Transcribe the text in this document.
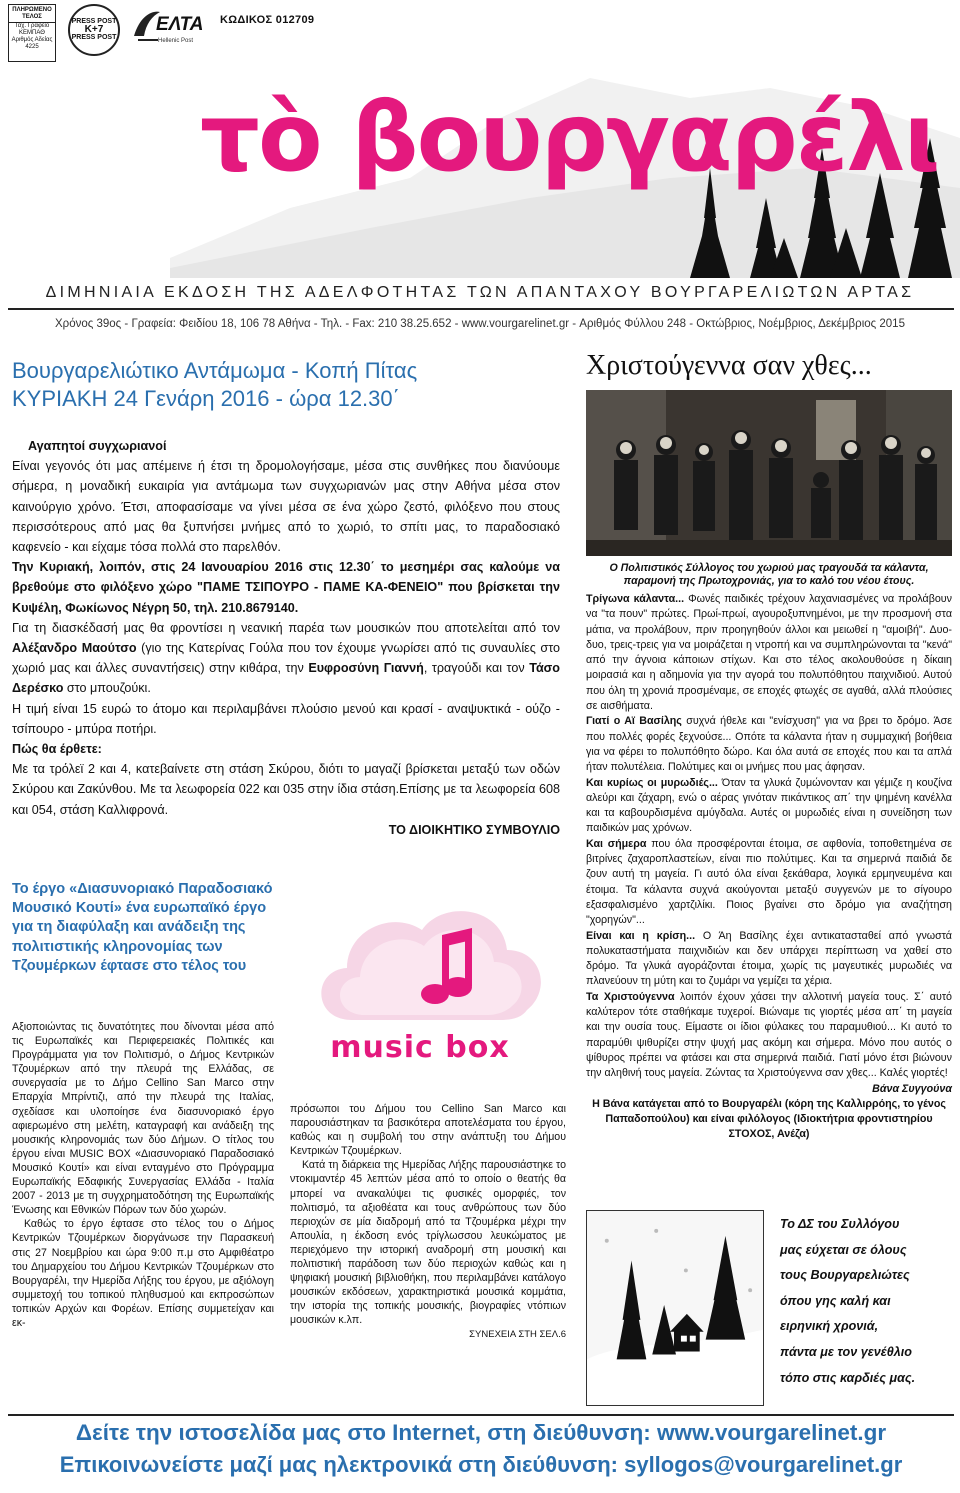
ΠΛΗΡΩΜΕΝΟ ΤΕΛΟΣ
Ταχ. Γραφείο
ΚΕΜΠΑΘ
Αριθμός Αδείας
4225
PRESS POST
Κ+7
PRESS POST
ΕΛΤΑ
Hellenic Post
ΚΩΔΙΚΟΣ 012709
τὸ βουργαρέλι
ΔΙΜΗΝΙΑΙΑ ΕΚΔΟΣΗ ΤΗΣ ΑΔΕΛΦΟΤΗΤΑΣ ΤΩΝ ΑΠΑΝΤΑΧΟΥ ΒΟΥΡΓΑΡΕΛΙΩΤΩΝ ΑΡΤΑΣ
Χρόνος 39ος - Γραφεία: Φειδίου 18, 106 78 Αθήνα - Τηλ. - Fax: 210 38.25.652 - www.vourgarelinet.gr - Αριθμός Φύλλου 248 - Οκτώβριος, Νοέμβριος, Δεκέμβριος 2015
Βουργαρελιώτικο Αντάμωμα - Κοπή Πίτας
ΚΥΡΙΑΚΗ 24 Γενάρη 2016 - ώρα 12.30΄

Αγαπητοί συγχωριανοί

Είναι γεγονός ότι μας απέμεινε ή έτσι τη δρομολογήσαμε, μέσα στις συνθήκες που διανύουμε σήμερα, η μοναδική ευκαιρία για αντάμωμα των συγχωριανών μας στην Αθήνα μέσα στον καινούργιο χρόνο. Έτσι, αποφασίσαμε να γίνει μέσα σε ένα χώρο ζεστό, φιλόξενο που στους περισσότερους από μας θα ξυπνήσει μνήμες από το χωριό, το σπίτι μας, το παραδοσιακό καφενείο - και είχαμε τόσα πολλά στο παρελθόν.

Την Κυριακή, λοιπόν, στις 24 Ιανουαρίου 2016 στις 12.30΄ το μεσημέρι σας καλούμε να βρεθούμε στο φιλόξενο χώρο "ΠΑΜΕ ΤΣΙΠΟΥΡΟ - ΠΑΜΕ ΚΑ-ΦΕΝΕΙΟ" που βρίσκεται την Κυψέλη, Φωκίωνος Νέγρη 50, τηλ. 210.8679140.

Για τη διασκέδασή μας θα φροντίσει η νεανική παρέα των μουσικών που αποτελείται από τον Αλέξανδρο Μαούτσο (γιο της Κατερίνας Γούλα που τον έχουμε γνωρίσει από τις συναυλίες στο χωριό μας και άλλες συναντήσεις) στην κιθάρα, την Ευφροσύνη Γιαννή, τραγούδι και τον Τάσο Δερέσκο στο μπουζούκι.

Η τιμή είναι 15 ευρώ το άτομο και περιλαμβάνει πλούσιο μενού και κρασί - αναψυκτικά - ούζο - τσίπουρο - μπύρα ποτήρι.

Πώς θα έρθετε:

Με τα τρόλεϊ 2 και 4, κατεβαίνετε στη στάση Σκύρου, διότι το μαγαζί βρίσκεται μεταξύ των οδών Σκύρου και Ζακύνθου. Με τα λεωφορεία 022 και 035 στην ίδια στάση.Επίσης με τα λεωφορεία 608 και 054, στάση Καλλιφρονά.

ΤΟ ΔΙΟΙΚΗΤΙΚΟ ΣΥΜΒΟΥΛΙΟ

Χριστούγεννα σαν χθες...
Ο Πολιτιστικός Σύλλογος του χωριού μας τραγουδά τα κάλαντα, παραμονή της Πρωτοχρονιάς, για το καλό του νέου έτους.

Τρίγωνα κάλαντα... Φωνές παιδικές τρέχουν λαχανιασμένες να προλάβουν να "τα πουν" πρώτες. Πρωί-πρωί, αγουροξυπνημένοι, με την προσμονή στα μάτια, να προλάβουν, πριν προηγηθούν άλλοι και μειωθεί η "αμοιβή". Δυο-δυο, τρεις-τρεις για να μοιράζεται η ντροπή και να συμπληρώνονται τα "κενά" από την άγνοια κάποιων στίχων. Και στο τέλος ακολουθούσε η δίκαιη μοιρασιά και η αδημονία για την αγορά του πολυπόθητου παιχνιδιού. Αυτού που όλη τη χρονιά προσμέναμε, σε εποχές φτωχές σε αγαθά, αλλά πλούσιες σε αισθήματα.

Γιατί ο Αϊ Βασίλης συχνά ήθελε και "ενίσχυση" για να βρει το δρόμο. Άσε που πολλές φορές ξεχνούσε... Οπότε τα κάλαντα ήταν η συμμαχική βοήθεια για να φέρει το πολυπόθητο δώρο. Και όλα αυτά σε εποχές που και τα απλά ήταν πολυτέλεια. Πολύτιμες και οι μνήμες που μας άφησαν.

Και κυρίως οι μυρωδιές... Όταν τα γλυκά ζυμώνονταν και γέμιζε η κουζίνα αλεύρι και ζάχαρη, ενώ ο αέρας γινόταν πικάντικος απ΄ την ψημένη κανέλλα και τα καβουρδισμένα αμύγδαλα. Αυτές οι μυρωδιές είναι η συνείδηση των παιδικών μας χρόνων.

Και σήμερα που όλα προσφέρονται έτοιμα, σε αφθονία, τοποθετημένα σε βιτρίνες ζαχαροπλαστείων, είναι πιο πολύτιμες. Και τα σημερινά παιδιά δε ζουν αυτή τη μαγεία. Γι αυτό όλα είναι ξεκάθαρα, λογικά ερμηνευμένα και έτοιμα. Τα κάλαντα συχνά ακούγονται μεταξύ συγγενών με το σίγουρο εξασφαλισμένο χαρτζιλίκι. Ποιος βγαίνει στο δρόμο για αναζήτηση "χορηγών"...

Είναι και η κρίση... Ο Άη Βασίλης έχει αντικατασταθεί από γνωστά πολυκαταστήματα παιχνιδιών και δεν υπάρχει περίπτωση να χαθεί στο δρόμο. Τα γλυκά αγοράζονται έτοιμα, χωρίς τις μαγευτικές μυρωδιές να πλανεύουν τη μύτη και το ζυμάρι να γεμίζει τα χέρια.

Τα Χριστούγεννα λοιπόν έχουν χάσει την αλλοτινή μαγεία τους. Σ΄ αυτό καλύτερον τότε σταθήκαμε τυχεροί. Βιώναμε τις γιορτές μέσα απ΄ τη μαγεία και την ουσία τους. Είμαστε οι ίδιοι φύλακες του παραμυθιού... Κι αυτό το παραμύθι ψιθυρίζει στην ψυχή μας ακόμη και σήμερα. Μόνο που αυτός ο ψίθυρος πρέπει να φτάσει και στα σημερινά παιδιά. Γιατί μόνο έτσι βιώνουν την αληθινή τους μαγεία. Ζώντας τα Χριστούγεννα σαν χθες... Καλές γιορτές!

Βάνα Συγγούνα

Η Βάνα κατάγεται από το Βουργαρέλι (κόρη της Καλλιρρόης, το γένος Παπαδοπούλου) και είναι φιλόλογος (Ιδιοκτήτρια φροντιστηρίου ΣΤΟΧΟΣ, Ανέζα)

Το έργο «Διασυνοριακό Παραδοσιακό Μουσικό Κουτί» ένα ευρωπαϊκό έργο για τη διαφύλαξη και ανάδειξη της πολιτιστικής κληρονομίας των Τζουμέρκων έφτασε στο τέλος του

Αξιοποιώντας τις δυνατότητες που δίνονται μέσα από τις Ευρωπαϊκές και Περιφερειακές Πολιτικές και Προγράμματα για τον Πολιτισμό, ο Δήμος Κεντρικών Τζουμέρκων από την πλευρά της Ελλάδας, σε συνεργασία με το Δήμο Cellino San Marco στην Επαρχία Μπρίντιζι, από την πλευρά της Ιταλίας, σχεδίασε και υλοποίησε ένα διασυνοριακό έργο αφιερωμένο στη μελέτη, καταγραφή και ανάδειξη της μουσικής κληρονομιάς των δύο Δήμων. Ο τίτλος του έργου είναι MUSIC BOX «Διασυνοριακό Παραδοσιακό Μουσικό Κουτί» και είναι ενταγμένο στο Πρόγραμμα Ευρωπαϊκής Εδαφικής Συνεργασίας Ελλάδα - Ιταλία 2007 - 2013 με τη συγχρηματοδότηση της Ευρωπαϊκής Ένωσης και Εθνικών Πόρων των δύο χωρών.

Καθώς το έργο έφτασε στο τέλος του ο Δήμος Κεντρικών Τζουμέρκων διοργάνωσε την Παρασκευή στις 27 Νοεμβρίου και ώρα 9:00 π.μ στο Αμφιθέατρο του Δημαρχείου του Δήμου Κεντρικών Τζουμέρκων στο Βουργαρέλι, την Ημερίδα Λήξης του έργου, με αξιόλογη συμμετοχή του τοπικού πληθυσμού και εκπροσώπων τοπικών Αρχών και Φορέων. Επίσης συμμετείχαν και εκ-

music box

πρόσωποι του Δήμου του Cellino San Marco και παρουσιάστηκαν τα βασικότερα αποτελέσματα του έργου, καθώς και η συμβολή του στην ανάπτυξη του Δήμου Κεντρικών Τζουμέρκων.

Κατά τη διάρκεια της Ημερίδας Λήξης παρουσιάστηκε το ντοκιμαντέρ 45 λεπτών μέσα από το οποίο ο θεατής θα μπορεί να ανακαλύψει τις φυσικές ομορφιές, τον πολιτισμό, τα αξιοθέατα και τους ανθρώπους των δύο περιοχών σε μία διαδρομή από τα Τζουμέρκα μέχρι την Απουλία, η έκδοση ενός τρίγλωσσου λευκώματος με περιεχόμενο την ιστορική αναδρομή στη μουσική και πολιτιστική παράδοση των δύο περιοχών καθώς και η ψηφιακή μουσική βιβλιοθήκη, που περιλαμβάνει κατάλογο μουσικών εκδόσεων, χαρακτηριστικά μουσικά κομμάτια, την ιστορία της τοπικής μουσικής, βιογραφίες ντόπιων μουσικών κ.λπ.

ΣΥΝΕΧΕΙΑ ΣΤΗ ΣΕΛ.6

Το ΔΣ του Συλλόγου
μας εύχεται σε όλους
τους Βουργαρελιώτες
όπου γης καλή και
ειρηνική χρονιά,
πάντα με τον γενέθλιο
τόπο στις καρδιές μας.
Δείτε την ιστοσελίδα μας στο Internet, στη διεύθυνση: www.vourgarelinet.gr
Επικοινωνείστε μαζί μας ηλεκτρονικά στη διεύθυνση: syllogos@vourgarelinet.gr
